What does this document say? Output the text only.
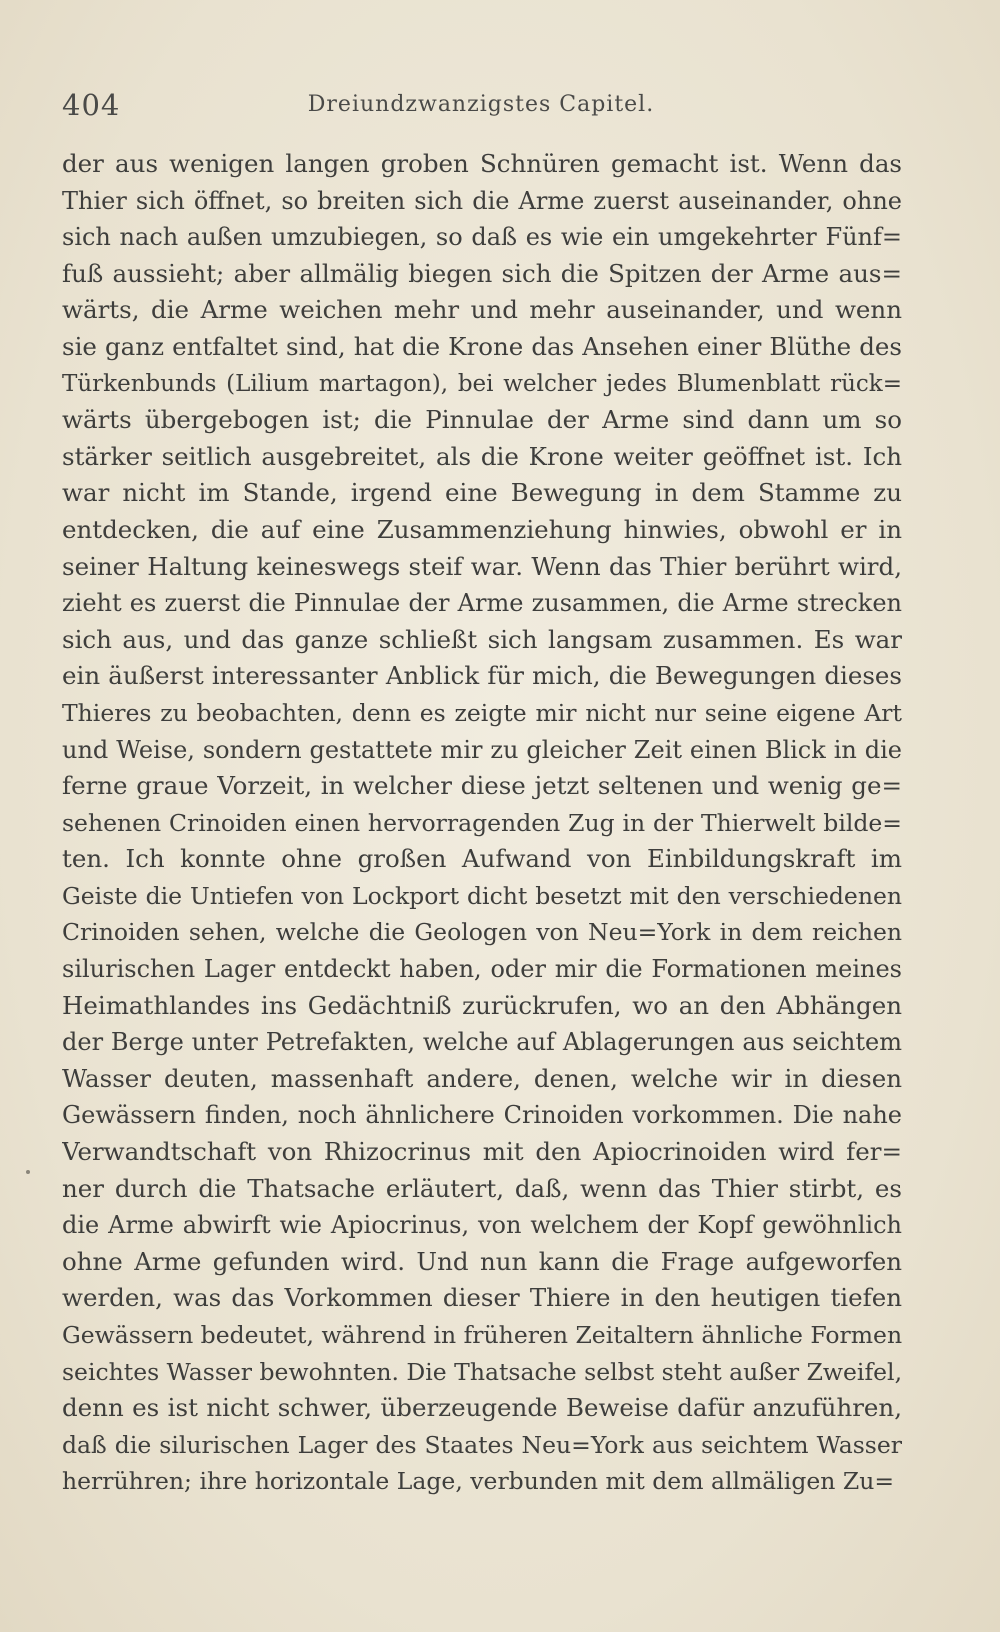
404	Dreiundzwanzigstes Capitel.
der aus wenigen langen groben Schnüren gemacht ist. Wenn das
Thier sich öffnet, so breiten sich die Arme zuerst auseinander, ohne
sich nach außen umzubiegen, so daß es wie ein umgekehrter Fünf=
fuß aussieht; aber allmälig biegen sich die Spitzen der Arme aus=
wärts, die Arme weichen mehr und mehr auseinander, und wenn
sie ganz entfaltet sind, hat die Krone das Ansehen einer Blüthe des
Türkenbunds (Lilium martagon), bei welcher jedes Blumenblatt rück=
wärts übergebogen ist; die Pinnulae der Arme sind dann um so
stärker seitlich ausgebreitet, als die Krone weiter geöffnet ist. Ich
war nicht im Stande, irgend eine Bewegung in dem Stamme zu
entdecken, die auf eine Zusammenziehung hinwies, obwohl er in
seiner Haltung keineswegs steif war. Wenn das Thier berührt wird,
zieht es zuerst die Pinnulae der Arme zusammen, die Arme strecken
sich aus, und das ganze schließt sich langsam zusammen. Es war
ein äußerst interessanter Anblick für mich, die Bewegungen dieses
Thieres zu beobachten, denn es zeigte mir nicht nur seine eigene Art
und Weise, sondern gestattete mir zu gleicher Zeit einen Blick in die
ferne graue Vorzeit, in welcher diese jetzt seltenen und wenig ge=
sehenen Crinoiden einen hervorragenden Zug in der Thierwelt bilde=
ten. Ich konnte ohne großen Aufwand von Einbildungskraft im
Geiste die Untiefen von Lockport dicht besetzt mit den verschiedenen
Crinoiden sehen, welche die Geologen von Neu=York in dem reichen
silurischen Lager entdeckt haben, oder mir die Formationen meines
Heimathlandes ins Gedächtniß zurückrufen, wo an den Abhängen
der Berge unter Petrefakten, welche auf Ablagerungen aus seichtem
Wasser deuten, massenhaft andere, denen, welche wir in diesen
Gewässern finden, noch ähnlichere Crinoiden vorkommen. Die nahe
Verwandtschaft von Rhizocrinus mit den Apiocrinoiden wird fer=
ner durch die Thatsache erläutert, daß, wenn das Thier stirbt, es
die Arme abwirft wie Apiocrinus, von welchem der Kopf gewöhnlich
ohne Arme gefunden wird. Und nun kann die Frage aufgeworfen
werden, was das Vorkommen dieser Thiere in den heutigen tiefen
Gewässern bedeutet, während in früheren Zeitaltern ähnliche Formen
seichtes Wasser bewohnten. Die Thatsache selbst steht außer Zweifel,
denn es ist nicht schwer, überzeugende Beweise dafür anzuführen,
daß die silurischen Lager des Staates Neu=York aus seichtem Wasser
herrühren; ihre horizontale Lage, verbunden mit dem allmäligen Zu=
